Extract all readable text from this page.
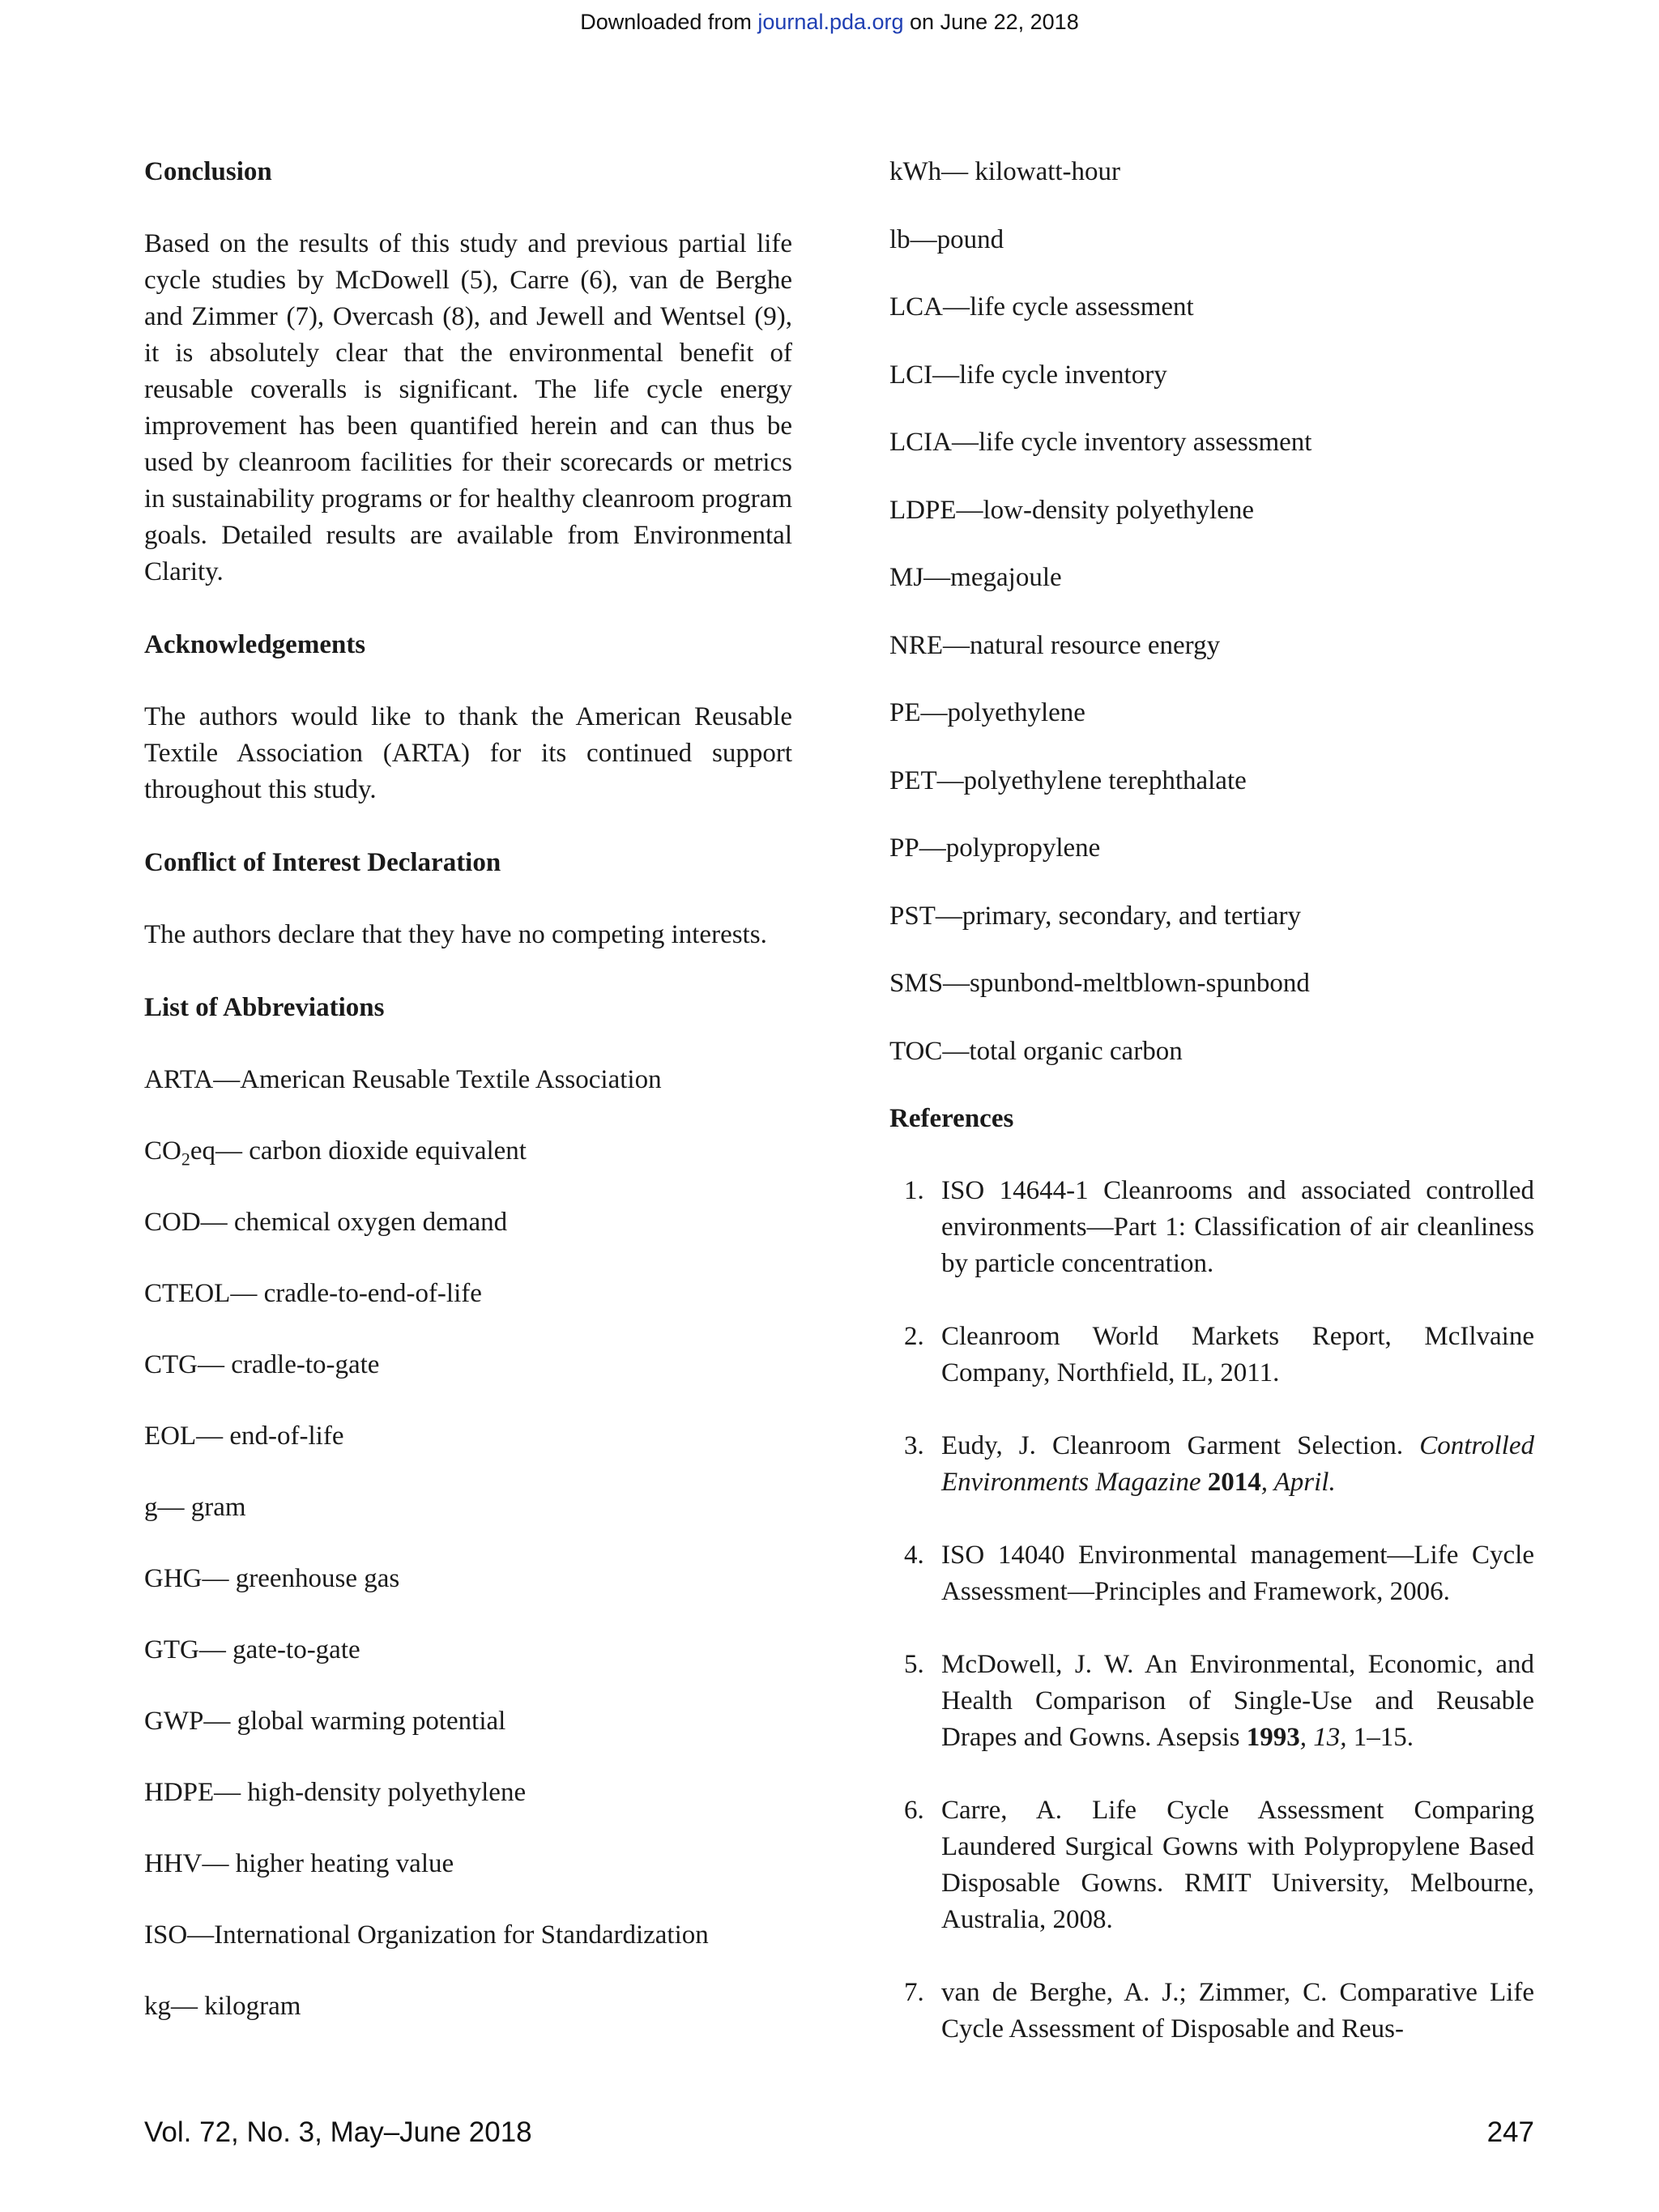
Downloaded from journal.pda.org on June 22, 2018
Conclusion

Based on the results of this study and previous partial life cycle studies by McDowell (5), Carre (6), van de Berghe and Zimmer (7), Overcash (8), and Jewell and Wentsel (9), it is absolutely clear that the environmental benefit of reusable coveralls is significant. The life cycle energy improvement has been quantified herein and can thus be used by cleanroom facilities for their scorecards or metrics in sustainability programs or for healthy cleanroom program goals. Detailed results are available from Environmental Clarity.

Acknowledgements

The authors would like to thank the American Reusable Textile Association (ARTA) for its continued support throughout this study.

Conflict of Interest Declaration

The authors declare that they have no competing interests.

List of Abbreviations
ARTA—American Reusable Textile Association
$CO_2eq—$ carbon dioxide equivalent
COD— chemical oxygen demand
CTEOL— cradle-to-end-of-life
CTG— cradle-to-gate
EOL— end-of-life
g— gram
GHG— greenhouse gas
GTG— gate-to-gate
GWP— global warming potential
HDPE— high-density polyethylene
HHV— higher heating value
ISO—International Organization for Standardization
kg— kilogram
kWh— kilowatt-hour
lb—pound
LCA—life cycle assessment
LCI—life cycle inventory
LCIA—life cycle inventory assessment
LDPE—low-density polyethylene
MJ—megajoule
NRE—natural resource energy
PE—polyethylene
PET—polyethylene terephthalate
PP—polypropylene
PST—primary, secondary, and tertiary
SMS—spunbond-meltblown-spunbond
TOC—total organic carbon
References
1. ISO 14644-1 Cleanrooms and associated controlled environments—Part 1: Classification of air cleanliness by particle concentration.
2. Cleanroom World Markets Report, McIlvaine Company, Northfield, IL, 2011.
3. Eudy, J. Cleanroom Garment Selection. Controlled Environments Magazine 2014, April.
4. ISO 14040 Environmental management—Life Cycle Assessment—Principles and Framework, 2006.
5. McDowell, J. W. An Environmental, Economic, and Health Comparison of Single-Use and Reusable Drapes and Gowns. Asepsis 1993, 13, 1–15.
6. Carre, A. Life Cycle Assessment Comparing Laundered Surgical Gowns with Polypropylene Based Disposable Gowns. RMIT University, Melbourne, Australia, 2008.
7. van de Berghe, A. J.; Zimmer, C. Comparative Life Cycle Assessment of Disposable and Reus-
Vol. 72, No. 3, May–June 2018	247
